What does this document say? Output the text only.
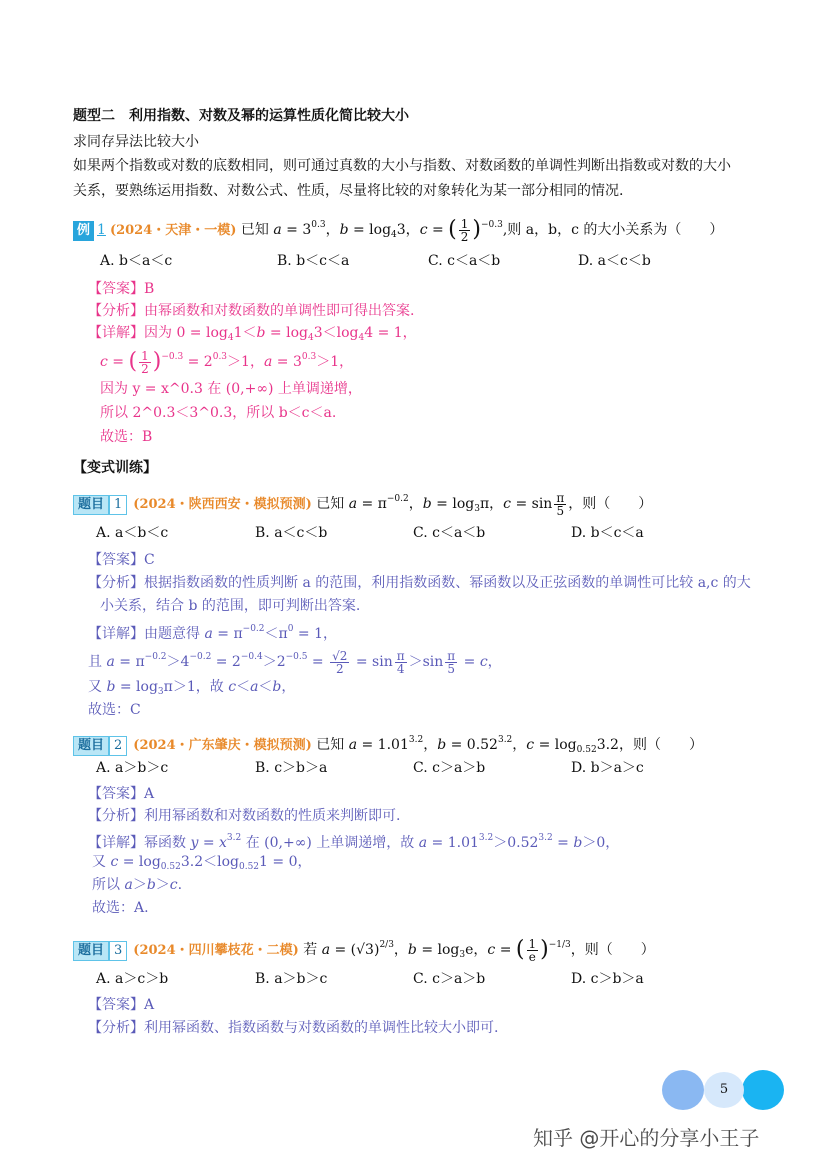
题型二　利用指数、对数及幂的运算性质化简比较大小
求同存异法比较大小
如果两个指数或对数的底数相同，则可通过真数的大小与指数、对数函数的单调性判断出指数或对数的大小
关系，要熟练运用指数、对数公式、性质，尽量将比较的对象转化为某一部分相同的情况.
例 1 (2024・天津・一模) 已知 $a = 3^{0.3}$，$b = \log_43$，c = ( $\frac{1}{2} )^{-0.3}$,则 a，b，c 的大小关系为（　　）
A. b＜a＜c	B. b＜c＜a	C. c＜a＜b	D. a＜c＜b
【答案】B
【分析】由幂函数和对数函数的单调性即可得出答案.
【详解】因为 $0 = \log_41<b = \log_43<\log_44 = 1$，
c = ( $\frac{1}{2} )^{-0.3} = 2^{0.3}>1$，$a = 3^{0.3}>1$，
因为 y = x^0.3 在 (0,+∞) 上单调递增，
所以 2^0.3＜3^0.3，所以 b＜c＜a.
故选：B
【变式训练】
题目 1 (2024・陕西西安・模拟预测) 已知 $a = \pi^{-0.2}$，$b = \log_3\pi$，$c = \sin \frac{\pi}{5}$ ，则（　　）
A. a＜b＜c	B. a＜c＜b	C. c＜a＜b	D. b＜c＜a
【答案】C
【分析】根据指数函数的性质判断 a 的范围，利用指数函数、幂函数以及正弦函数的单调性可比较 a,c 的大
小关系，结合 b 的范围，即可判断出答案.
【详解】由题意得 $a = \pi^{-0.2}<\pi^0 = 1$，
且 $a = \pi^{-0.2}>4^{-0.2} = 2^{-0.4}>2^{-0.5} = \frac{√2}{2} = \sin \frac{\pi}{4} >\sin \frac{\pi}{5} = c$，
又 $b = \log_3\pi>1$，故 c＜a＜b，
故选：C
题目 2 (2024・广东肇庆・模拟预测) 已知 $a = 1.01^{3.2}$，$b = 0.52^{3.2}$，$c = \log_{0.52}3.2$，则（　　）
A. a＞b＞c	B. c＞b＞a	C. c＞a＞b	D. b＞a＞c
【答案】A
【分析】利用幂函数和对数函数的性质来判断即可.
【详解】幂函数 $y = x^{3.2}$ 在 (0,+∞) 上单调递增，故 $a = 1.01^{3.2}>0.52^{3.2} = b>0$，
又 $c = \log_{0.52}3.2<\log_{0.52}1 = 0$，
所以 a＞b＞c.
故选：A.
题目 3 (2024・四川攀枝花・二模) 若 $a = (√3)^{2/3}$，$b = \log_3e$，c = ( $\frac{1}{e} )^{-1/3}$，则（　　）
A. a＞c＞b	B. a＞b＞c	C. c＞a＞b	D. c＞b＞a
【答案】A
【分析】利用幂函数、指数函数与对数函数的单调性比较大小即可.
5
知乎 @开心的分享小王子
